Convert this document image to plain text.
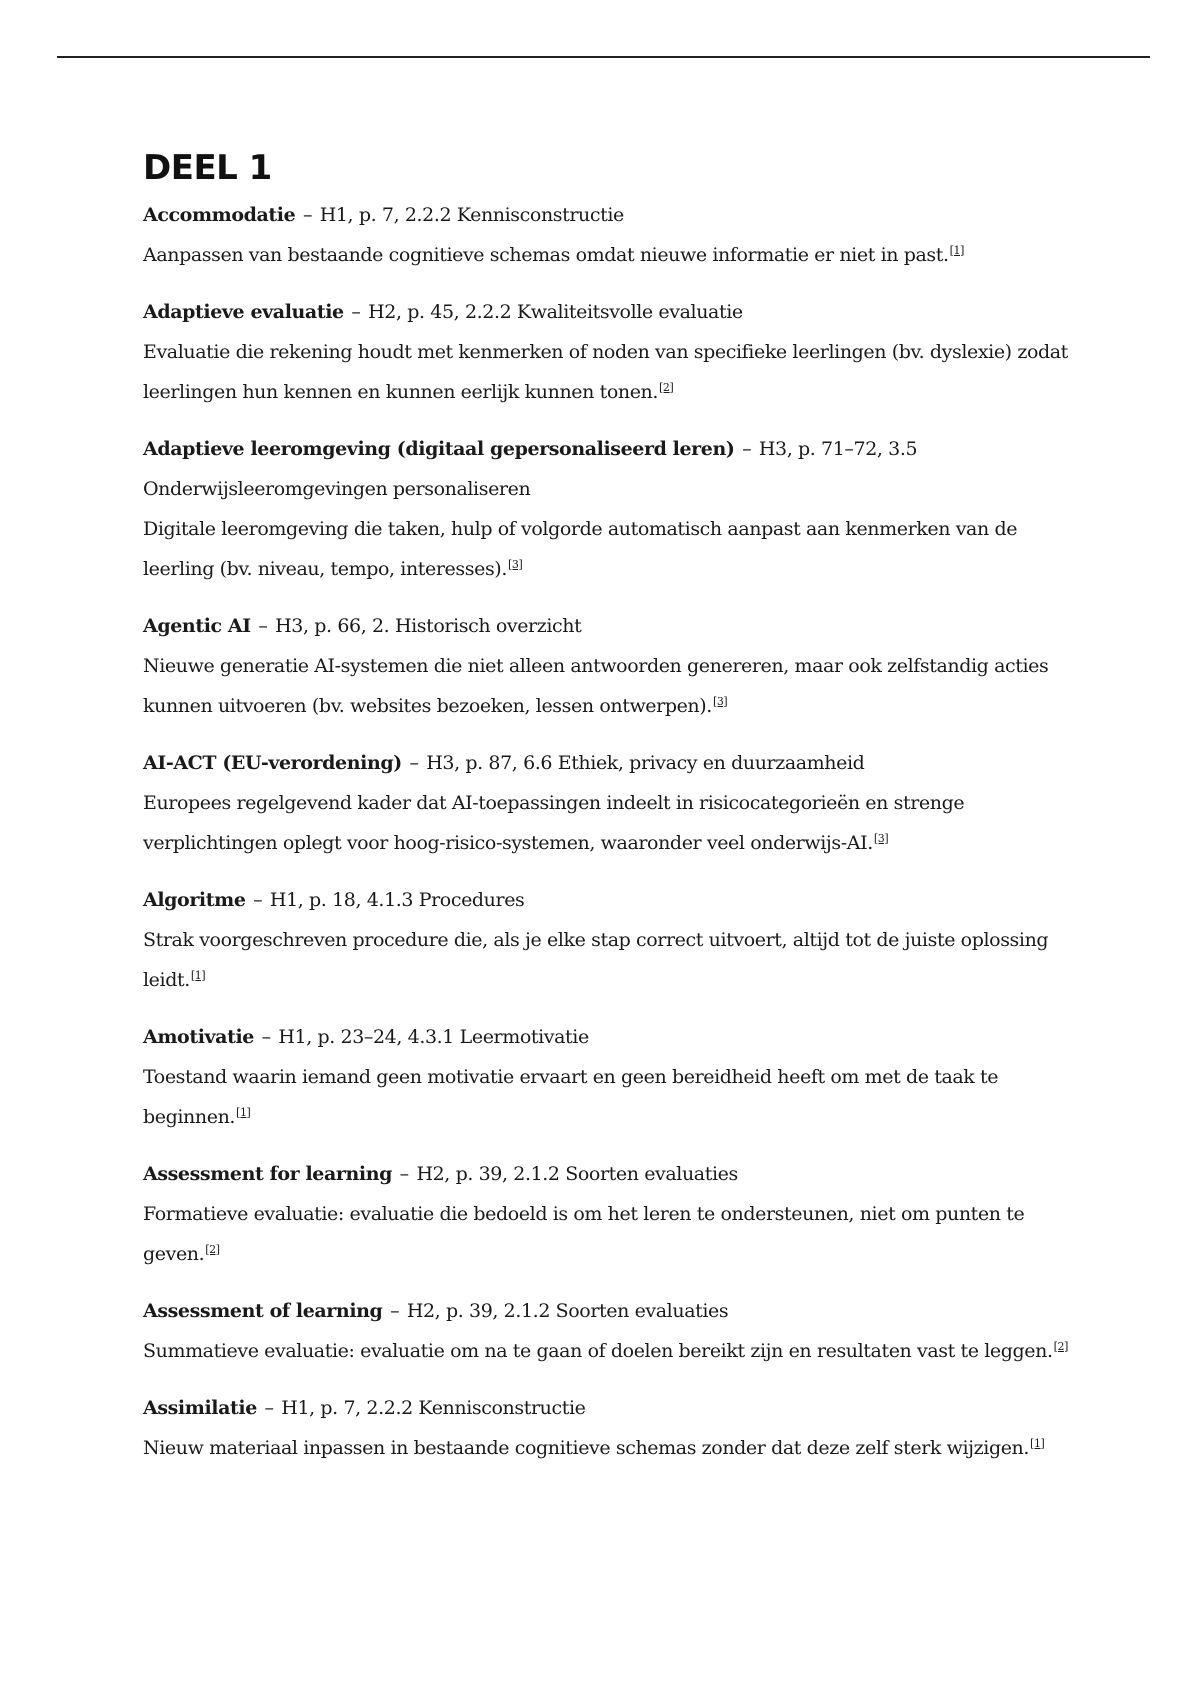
DEEL 1

Accommodatie – H1, p. 7, 2.2.2 Kennisconstructie

Aanpassen van bestaande cognitieve schemas omdat nieuwe informatie er niet in past.[1]

Adaptieve evaluatie – H2, p. 45, 2.2.2 Kwaliteitsvolle evaluatie

Evaluatie die rekening houdt met kenmerken of noden van specifieke leerlingen (bv. dyslexie) zodat leerlingen hun kennen en kunnen eerlijk kunnen tonen.[2]

Adaptieve leeromgeving (digitaal gepersonaliseerd leren) – H3, p. 71–72, 3.5

Onderwijsleeromgevingen personaliseren

Digitale leeromgeving die taken, hulp of volgorde automatisch aanpast aan kenmerken van de leerling (bv. niveau, tempo, interesses).[3]

Agentic AI – H3, p. 66, 2. Historisch overzicht

Nieuwe generatie AI-systemen die niet alleen antwoorden genereren, maar ook zelfstandig acties kunnen uitvoeren (bv. websites bezoeken, lessen ontwerpen).[3]

AI-ACT (EU-verordening) – H3, p. 87, 6.6 Ethiek, privacy en duurzaamheid

Europees regelgevend kader dat AI-toepassingen indeelt in risicocategorieën en strenge verplichtingen oplegt voor hoog-risico-systemen, waaronder veel onderwijs-AI.[3]

Algoritme – H1, p. 18, 4.1.3 Procedures

Strak voorgeschreven procedure die, als je elke stap correct uitvoert, altijd tot de juiste oplossing leidt.[1]

Amotivatie – H1, p. 23–24, 4.3.1 Leermotivatie

Toestand waarin iemand geen motivatie ervaart en geen bereidheid heeft om met de taak te beginnen.[1]

Assessment for learning – H2, p. 39, 2.1.2 Soorten evaluaties

Formatieve evaluatie: evaluatie die bedoeld is om het leren te ondersteunen, niet om punten te geven.[2]

Assessment of learning – H2, p. 39, 2.1.2 Soorten evaluaties

Summatieve evaluatie: evaluatie om na te gaan of doelen bereikt zijn en resultaten vast te leggen.[2]

Assimilatie – H1, p. 7, 2.2.2 Kennisconstructie

Nieuw materiaal inpassen in bestaande cognitieve schemas zonder dat deze zelf sterk wijzigen.[1]
